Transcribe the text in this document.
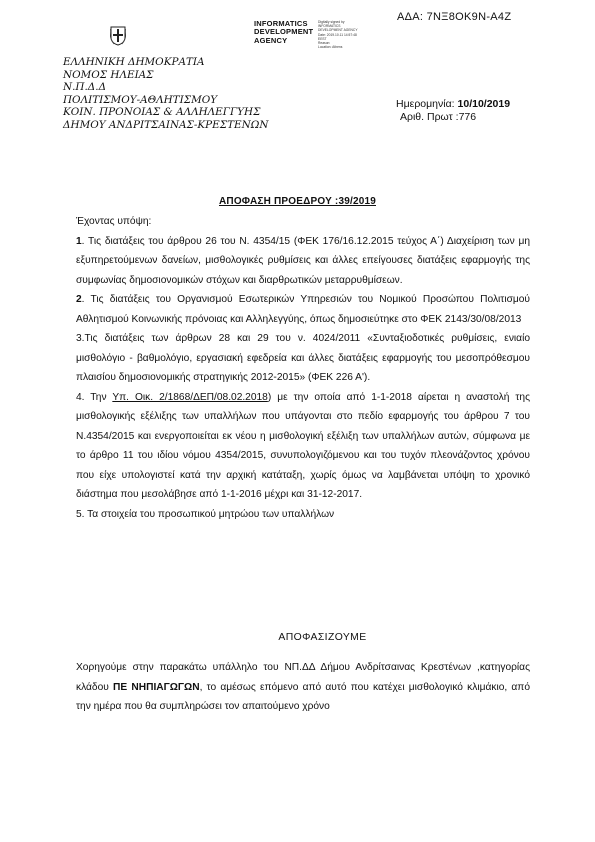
ΑΔΑ: 7ΝΞ8ΟΚ9Ν-Α4Ζ
INFORMATICS
DEVELOPMENT
AGENCY
Digitally signed by
INFORMATICS
DEVELOPMENT AGENCY
Date: 2019.10.11 14:57:48
EEST
Reason:
Location: Athens
ΕΛΛΗΝΙΚΗ ΔΗΜΟΚΡΑΤΙΑ
ΝΟΜΟΣ ΗΛΕΙΑΣ
Ν.Π.Δ.Δ
ΠΟΛΙΤΙΣΜΟΥ-ΑΘΛΗΤΙΣΜΟΥ
ΚΟΙΝ. ΠΡΟΝΟΙΑΣ & ΑΛΛΗΛΕΓΓΥΗΣ
ΔΗΜΟΥ ΑΝΔΡΙΤΣΑΙΝΑΣ-ΚΡΕΣΤΕΝΩΝ
Ημερομηνία: 10/10/2019
Αριθ. Πρωτ :776
ΑΠΟΦΑΣΗ ΠΡΟΕΔΡΟΥ :39/2019

Έχοντας υπόψη:

1. Τις διατάξεις του άρθρου 26 του Ν. 4354/15 (ΦΕΚ 176/16.12.2015 τεύχος Α΄) Διαχείριση των μη εξυπηρετούμενων δανείων, μισθολογικές ρυθμίσεις και άλλες επείγουσες διατάξεις εφαρμογής της συμφωνίας δημοσιονομικών στόχων και διαρθρωτικών μεταρρυθμίσεων.

2. Τις διατάξεις του Οργανισμού Εσωτερικών Υπηρεσιών του Νομικού Προσώπου Πολιτισμού Αθλητισμού Κοινωνικής πρόνοιας και Αλληλεγγύης, όπως δημοσιεύτηκε στο ΦΕΚ 2143/30/08/2013

3.Τις διατάξεις των άρθρων 28 και 29 του ν. 4024/2011 «Συνταξιοδοτικές ρυθμίσεις, ενιαίο μισθολόγιο - βαθμολόγιο, εργασιακή εφεδρεία και άλλες διατάξεις εφαρμογής του μεσοπρόθεσμου πλαισίου δημοσιονομικής στρατηγικής 2012-2015» (ΦΕΚ 226 Α').

4. Την Υπ. Οικ. 2/1868/ΔΕΠ/08.02.2018) με την οποία από 1-1-2018 αίρεται η αναστολή της μισθολογικής εξέλιξης των υπαλλήλων που υπάγονται στο πεδίο εφαρμογής του άρθρου 7 του Ν.4354/2015 και ενεργοποιείται εκ νέου η μισθολογική εξέλιξη των υπαλλήλων αυτών, σύμφωνα με το άρθρο 11 του ιδίου νόμου 4354/2015, συνυπολογιζόμενου και του τυχόν πλεονάζοντος χρόνου που είχε υπολογιστεί κατά την αρχική κατάταξη, χωρίς όμως να λαμβάνεται υπόψη το χρονικό διάστημα που μεσολάβησε από 1-1-2016 μέχρι και 31-12-2017.

5. Τα στοιχεία του προσωπικού μητρώου των υπαλλήλων

ΑΠΟΦΑΣΙΖΟΥΜΕ

Χορηγούμε στην παρακάτω υπάλληλο του ΝΠ.ΔΔ Δήμου Ανδρίτσαινας Κρεστένων ,κατηγορίας κλάδου ΠΕ ΝΗΠΙΑΓΩΓΩΝ, το αμέσως επόμενο από αυτό που κατέχει μισθολογικό κλιμάκιο, από την ημέρα που θα συμπληρώσει τον απαιτούμενο χρόνο
